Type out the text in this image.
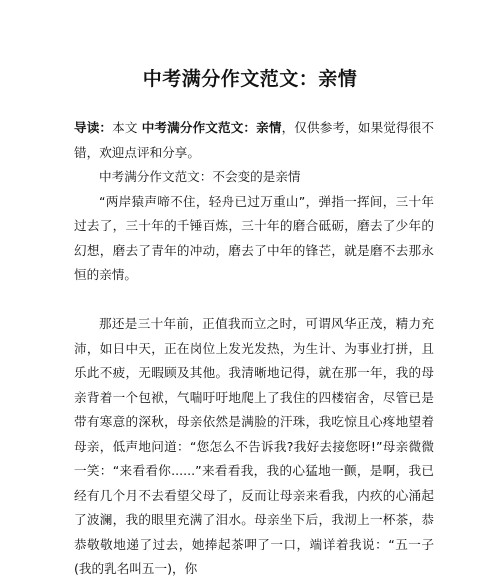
中考满分作文范文：亲情

导读：本文 中考满分作文范文：亲情，仅供参考，如果觉得很不错，欢迎点评和分享。

中考满分作文范文：不会变的是亲情

“两岸猿声啼不住，轻舟已过万重山”，弹指一挥间，三十年过去了，三十年的千锤百炼，三十年的磨合砥砺，磨去了少年的幻想，磨去了青年的冲动，磨去了中年的锋芒，就是磨不去那永恒的亲情。

那还是三十年前，正值我而立之时，可谓风华正茂，精力充沛，如日中天，正在岗位上发光发热，为生计、为事业打拼，且乐此不疲，无暇顾及其他。我清晰地记得，就在那一年，我的母亲背着一个包袱，气喘吁吁地爬上了我住的四楼宿舍，尽管已是带有寒意的深秋，母亲依然是满脸的汗珠，我吃惊且心疼地望着母亲，低声地问道：“您怎么不告诉我?我好去接您呀!”母亲微微一笑：“来看看你......”来看看我，我的心猛地一颤，是啊，我已经有几个月不去看望父母了，反而让母亲来看我，内疚的心涌起了波澜，我的眼里充满了泪水。母亲坐下后，我沏上一杯茶，恭恭敬敬地递了过去，她捧起茶呷了一口，端详着我说：“五一子(我的乳名叫五一)，你
